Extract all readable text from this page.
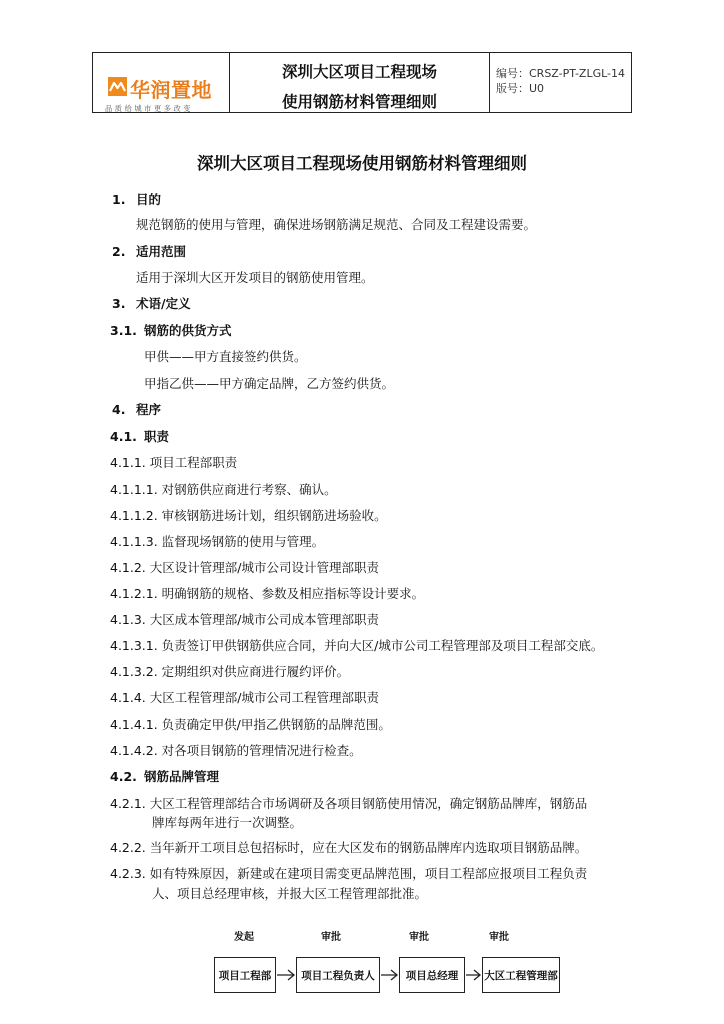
华润置地
品质给城市更多改变
深圳大区项目工程现场
使用钢筋材料管理细则
编号：CRSZ-PT-ZLGL-14
版号：U0
深圳大区项目工程现场使用钢筋材料管理细则
1. 目的
规范钢筋的使用与管理，确保进场钢筋满足规范、合同及工程建设需要。
2. 适用范围
适用于深圳大区开发项目的钢筋使用管理。
3. 术语/定义
3.1. 钢筋的供货方式
甲供——甲方直接签约供货。
甲指乙供——甲方确定品牌，乙方签约供货。
4. 程序
4.1. 职责
4.1.1. 项目工程部职责
4.1.1.1. 对钢筋供应商进行考察、确认。
4.1.1.2. 审核钢筋进场计划，组织钢筋进场验收。
4.1.1.3. 监督现场钢筋的使用与管理。
4.1.2. 大区设计管理部/城市公司设计管理部职责
4.1.2.1. 明确钢筋的规格、参数及相应指标等设计要求。
4.1.3. 大区成本管理部/城市公司成本管理部职责
4.1.3.1. 负责签订甲供钢筋供应合同，并向大区/城市公司工程管理部及项目工程部交底。
4.1.3.2. 定期组织对供应商进行履约评价。
4.1.4. 大区工程管理部/城市公司工程管理部职责
4.1.4.1. 负责确定甲供/甲指乙供钢筋的品牌范围。
4.1.4.2. 对各项目钢筋的管理情况进行检查。
4.2. 钢筋品牌管理
4.2.1. 大区工程管理部结合市场调研及各项目钢筋使用情况，确定钢筋品牌库，钢筋品
牌库每两年进行一次调整。
4.2.2. 当年新开工项目总包招标时，应在大区发布的钢筋品牌库内选取项目钢筋品牌。
4.2.3. 如有特殊原因，新建或在建项目需变更品牌范围，项目工程部应报项目工程负责
人、项目总经理审核，并报大区工程管理部批准。
发起	审批	审批	审批
项目工程部	项目工程负责人	项目总经理	大区工程管理部
